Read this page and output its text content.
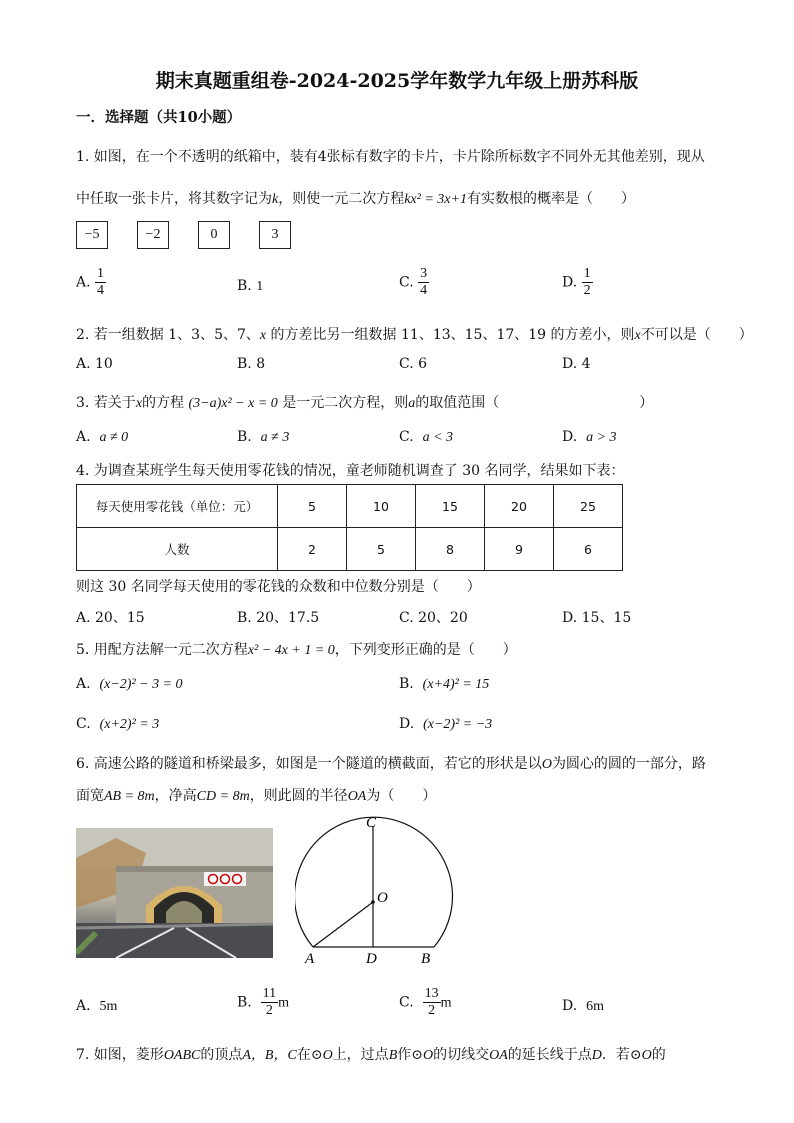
期末真题重组卷-2024-2025学年数学九年级上册苏科版
一．选择题（共10小题）
1. 如图，在一个不透明的纸箱中，装有4张标有数字的卡片，卡片除所标数字不同外无其他差别，现从
中任取一张卡片，将其数字记为k，则使一元二次方程kx² = 3x+1有实数根的概率是（　　）
−5	−2	0	3
A. $\frac{1}{4}$	B. 1	C. $\frac{3}{4}$	D. $\frac{1}{2}$
2. 若一组数据 1、3、5、7、x 的方差比另一组数据 11、13、15、17、19 的方差小，则x不可以是（　　）
A. 10	B. 8	C. 6	D. 4
3. 若关于x的方程 (3−a)x² − x = 0 是一元二次方程，则a的取值范围（　　　　　　　　　　）
A. a ≠ 0	B. a ≠ 3	C. a < 3	D. a > 3
4. 为调查某班学生每天使用零花钱的情况，童老师随机调查了 30 名同学，结果如下表：
每天使用零花钱（单位：元）	5	10	15	20	25
人数	2	5	8	9	6
则这 30 名同学每天使用的零花钱的众数和中位数分别是（　　）
A. 20、15	B. 20、17.5	C. 20、20	D. 15、15
5. 用配方法解一元二次方程x² − 4x + 1 = 0，下列变形正确的是（　　）
A. (x−2)² − 3 = 0	B. (x+4)² = 15
C. (x+2)² = 3	D. (x−2)² = −3
6. 高速公路的隧道和桥梁最多，如图是一个隧道的横截面，若它的形状是以O为圆心的圆的一部分，路
面宽AB = 8m，净高CD = 8m，则此圆的半径OA为（　　）
C
O
A	D	B
A. 5m	B. $\frac{11}{2}$ m	C. $\frac{13}{2}$ m	D. 6m
7. 如图，菱形OABC的顶点A，B，C在⊙O上，过点B作⊙O的切线交OA的延长线于点D．若⊙O的
